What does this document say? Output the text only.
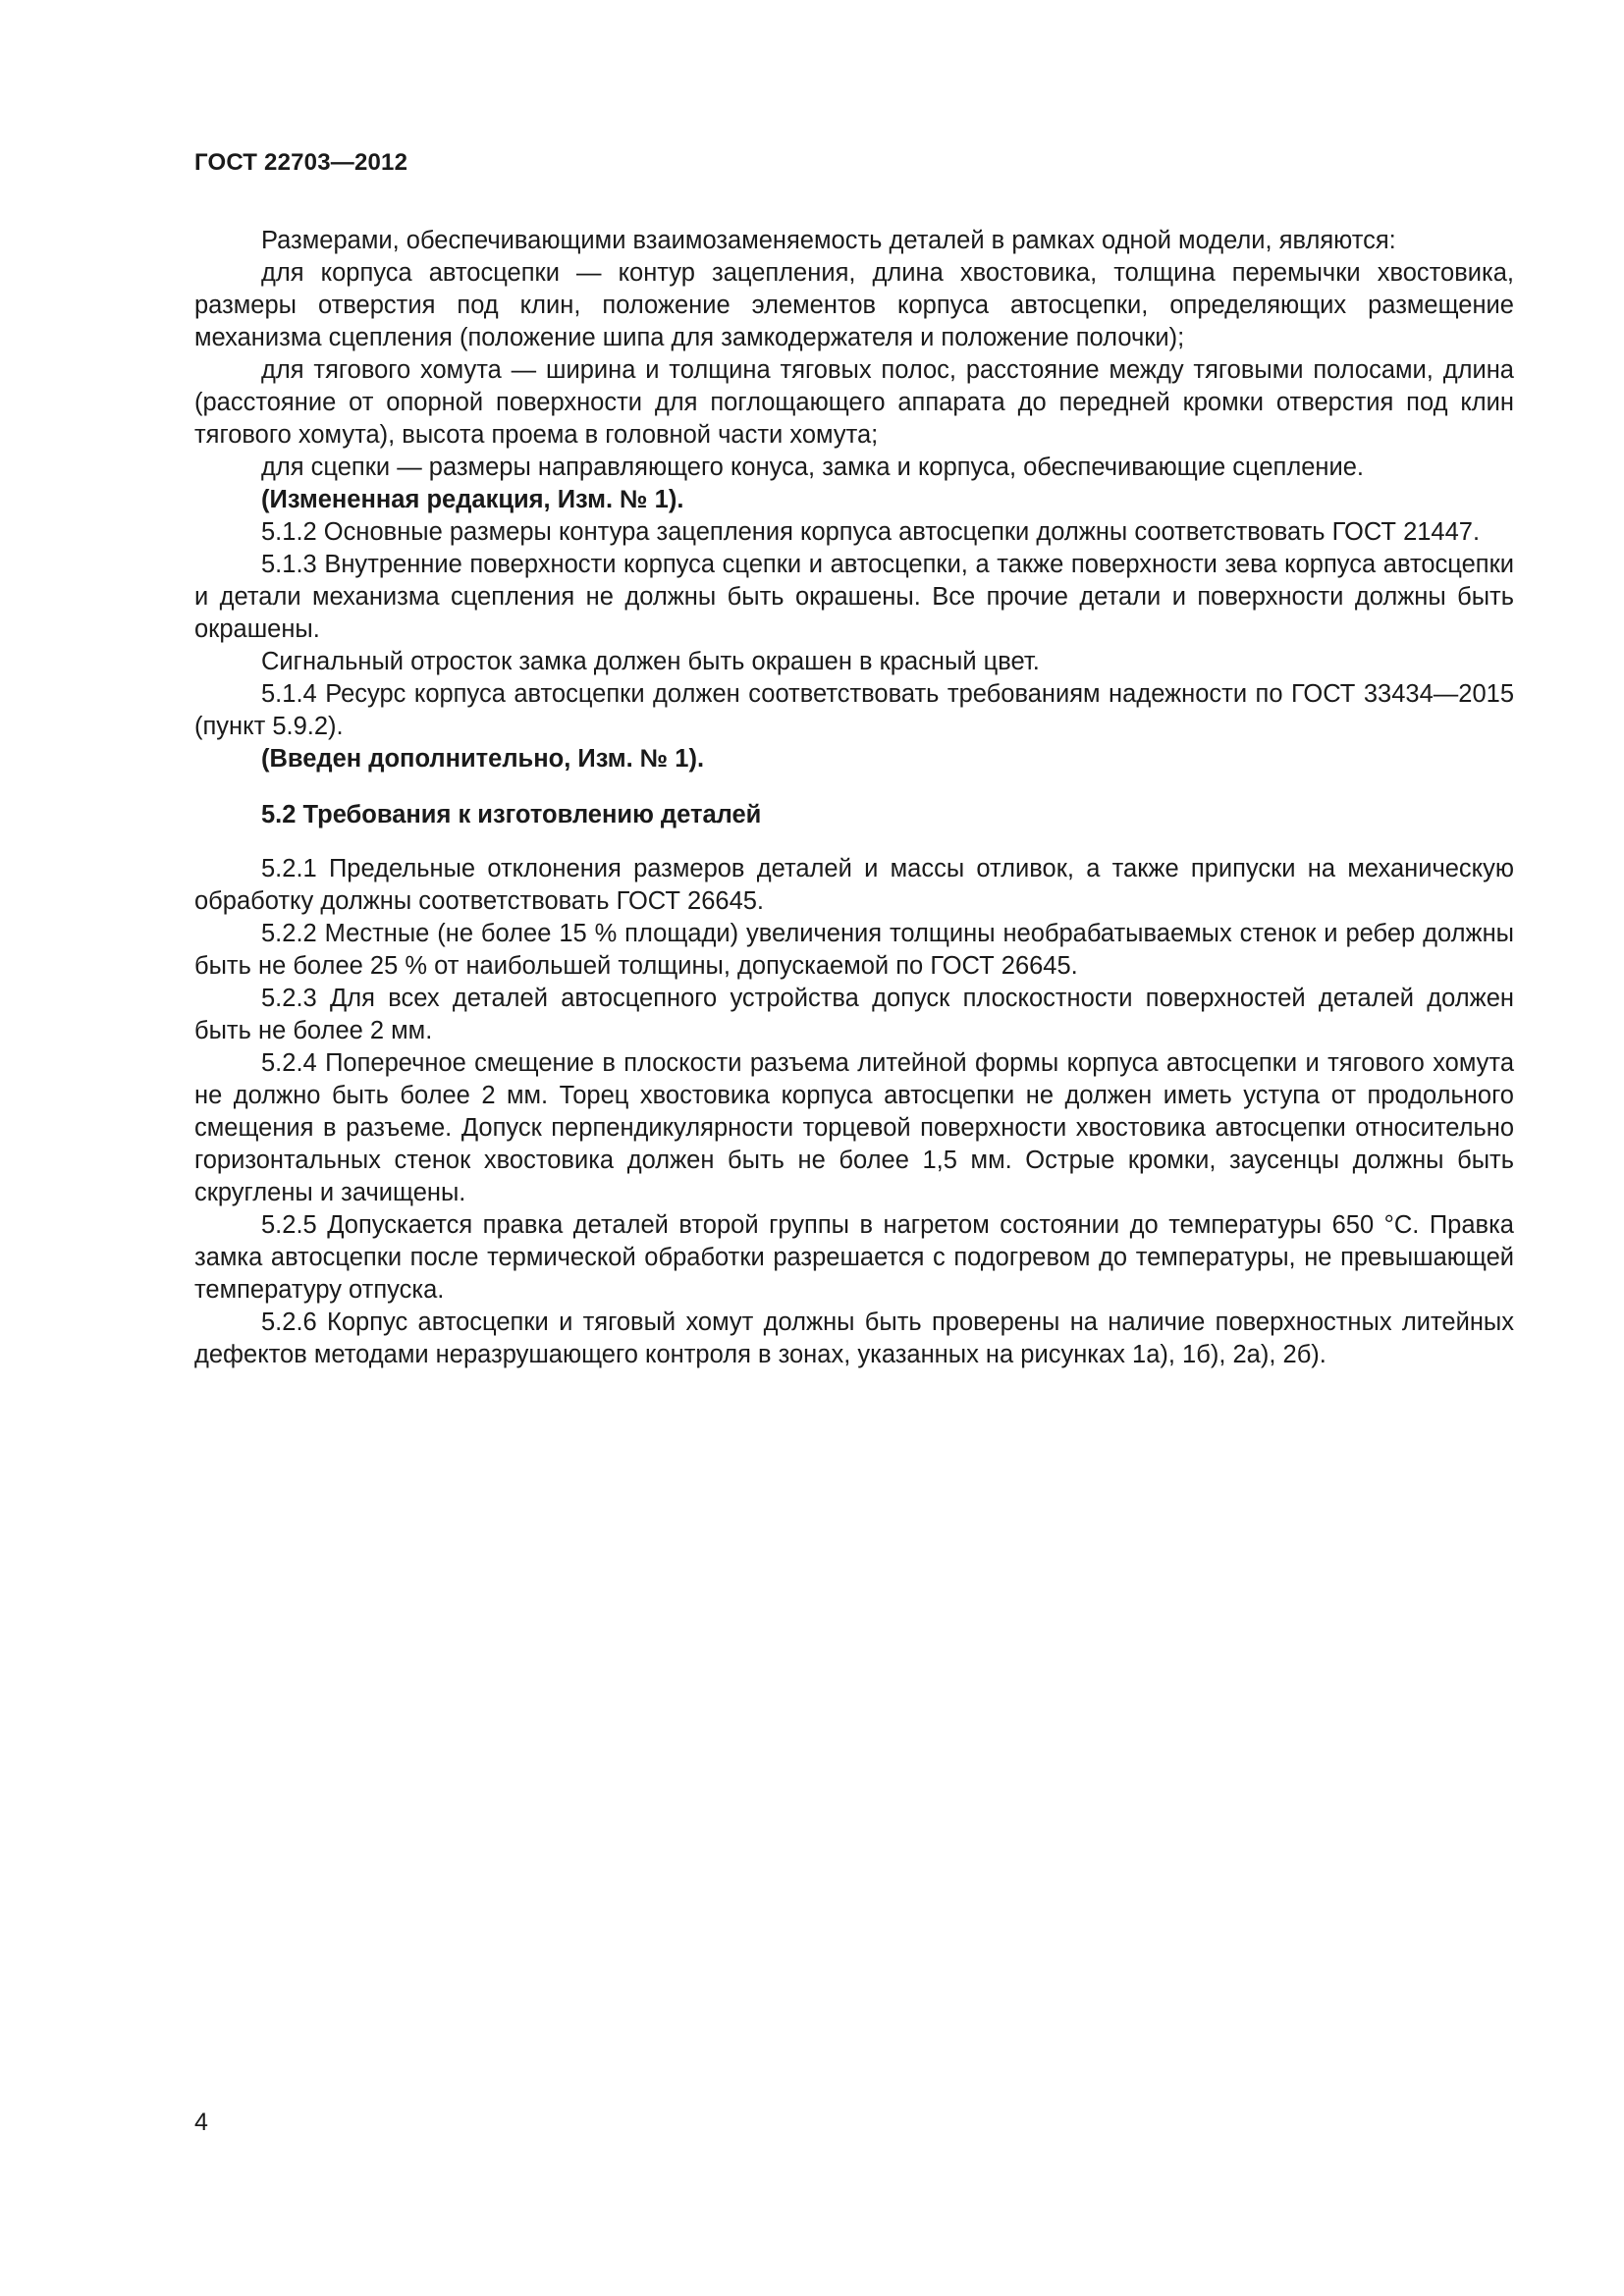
ГОСТ 22703—2012

Размерами, обеспечивающими взаимозаменяемость деталей в рамках одной модели, являются:

для корпуса автосцепки — контур зацепления, длина хвостовика, толщина перемычки хвостовика, размеры отверстия под клин, положение элементов корпуса автосцепки, определяющих размещение механизма сцепления (положение шипа для замкодержателя и положение полочки);

для тягового хомута — ширина и толщина тяговых полос, расстояние между тяговыми полосами, длина (расстояние от опорной поверхности для поглощающего аппарата до передней кромки отверстия под клин тягового хомута), высота проема в головной части хомута;

для сцепки — размеры направляющего конуса, замка и корпуса, обеспечивающие сцепление.

(Измененная редакция, Изм. № 1).

5.1.2 Основные размеры контура зацепления корпуса автосцепки должны соответствовать ГОСТ 21447.

5.1.3 Внутренние поверхности корпуса сцепки и автосцепки, а также поверхности зева корпуса автосцепки и детали механизма сцепления не должны быть окрашены. Все прочие детали и поверхности должны быть окрашены.

Сигнальный отросток замка должен быть окрашен в красный цвет.

5.1.4 Ресурс корпуса автосцепки должен соответствовать требованиям надежности по ГОСТ 33434—2015 (пункт 5.9.2).

(Введен дополнительно, Изм. № 1).

5.2 Требования к изготовлению деталей

5.2.1 Предельные отклонения размеров деталей и массы отливок, а также припуски на механическую обработку должны соответствовать ГОСТ 26645.

5.2.2 Местные (не более 15 % площади) увеличения толщины необрабатываемых стенок и ребер должны быть не более 25 % от наибольшей толщины, допускаемой по ГОСТ 26645.

5.2.3 Для всех деталей автосцепного устройства допуск плоскостности поверхностей деталей должен быть не более 2 мм.

5.2.4 Поперечное смещение в плоскости разъема литейной формы корпуса автосцепки и тягового хомута не должно быть более 2 мм. Торец хвостовика корпуса автосцепки не должен иметь уступа от продольного смещения в разъеме. Допуск перпендикулярности торцевой поверхности хвостовика автосцепки относительно горизонтальных стенок хвостовика должен быть не более 1,5 мм. Острые кромки, заусенцы должны быть скруглены и зачищены.

5.2.5 Допускается правка деталей второй группы в нагретом состоянии до температуры 650 °С. Правка замка автосцепки после термической обработки разрешается с подогревом до температуры, не превышающей температуру отпуска.

5.2.6 Корпус автосцепки и тяговый хомут должны быть проверены на наличие поверхностных литейных дефектов методами неразрушающего контроля в зонах, указанных на рисунках 1а), 1б), 2а), 2б).

4
